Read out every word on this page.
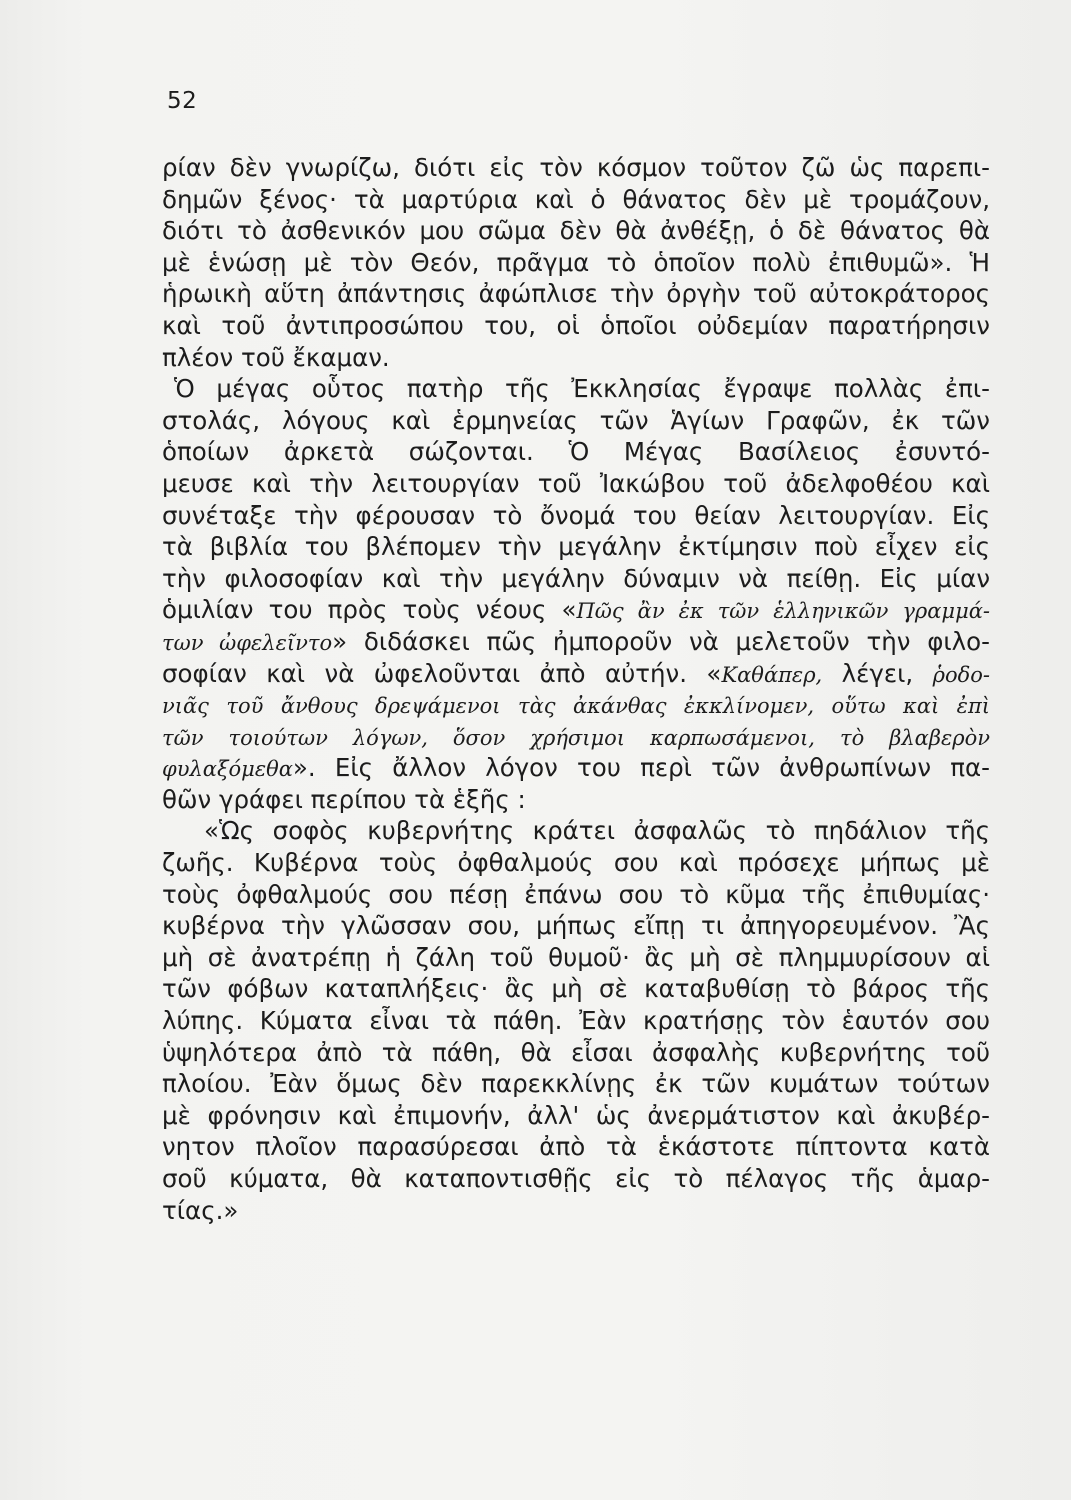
52
ρίαν δὲν γνωρίζω, διότι εἰς τὸν κόσμον τοῦτον ζῶ ὡς παρεπι-
δημῶν ξένος· τὰ μαρτύρια καὶ ὁ θάνατος δὲν μὲ τρομάζουν,
διότι τὸ ἀσθενικόν μου σῶμα δὲν θὰ ἀνθέξῃ, ὁ δὲ θάνατος θὰ
μὲ ἑνώσῃ μὲ τὸν Θεόν, πρᾶγμα τὸ ὁποῖον πολὺ ἐπιθυμῶ». Ἡ
ἡρωικὴ αὕτη ἀπάντησις ἀφώπλισε τὴν ὀργὴν τοῦ αὐτοκράτορος
καὶ τοῦ ἀντιπροσώπου του, οἱ ὁποῖοι οὐδεμίαν παρατήρησιν
πλέον τοῦ ἔκαμαν.
Ὁ μέγας οὗτος πατὴρ τῆς Ἐκκλησίας ἔγραψε πολλὰς ἐπι-
στολάς, λόγους καὶ ἑρμηνείας τῶν Ἁγίων Γραφῶν, ἐκ τῶν
ὁποίων ἀρκετὰ σώζονται. Ὁ Μέγας Βασίλειος ἐσυντό-
μευσε καὶ τὴν λειτουργίαν τοῦ Ἰακώβου τοῦ ἀδελφοθέου καὶ
συνέταξε τὴν φέρουσαν τὸ ὄνομά του θείαν λειτουργίαν. Εἰς
τὰ βιβλία του βλέπομεν τὴν μεγάλην ἐκτίμησιν ποὺ εἶχεν εἰς
τὴν φιλοσοφίαν καὶ τὴν μεγάλην δύναμιν νὰ πείθῃ. Εἰς μίαν
ὁμιλίαν του πρὸς τοὺς νέους «Πῶς ἂν ἐκ τῶν ἑλληνικῶν γραμμά-
των ὠφελεῖντο» διδάσκει πῶς ἠμποροῦν νὰ μελετοῦν τὴν φιλο-
σοφίαν καὶ νὰ ὠφελοῦνται ἀπὸ αὐτήν. «Καθάπερ, λέγει, ῥοδο-
νιᾶς τοῦ ἄνθους δρεψάμενοι τὰς ἀκάνθας ἐκκλίνομεν, οὕτω καὶ ἐπὶ
τῶν τοιούτων λόγων, ὅσον χρήσιμοι καρπωσάμενοι, τὸ βλαβερὸν
φυλαξόμεθα». Εἰς ἄλλον λόγον του περὶ τῶν ἀνθρωπίνων πα-
θῶν γράφει περίπου τὰ ἑξῆς :
«Ὡς σοφὸς κυβερνήτης κράτει ἀσφαλῶς τὸ πηδάλιον τῆς
ζωῆς. Κυβέρνα τοὺς ὀφθαλμούς σου καὶ πρόσεχε μήπως μὲ
τοὺς ὀφθαλμούς σου πέσῃ ἐπάνω σου τὸ κῦμα τῆς ἐπιθυμίας·
κυβέρνα τὴν γλῶσσαν σου, μήπως εἴπῃ τι ἀπηγορευμένον. Ἂς
μὴ σὲ ἀνατρέπῃ ἡ ζάλη τοῦ θυμοῦ· ἂς μὴ σὲ πλημμυρίσουν αἱ
τῶν φόβων καταπλήξεις· ἂς μὴ σὲ καταβυθίσῃ τὸ βάρος τῆς
λύπης. Κύματα εἶναι τὰ πάθη. Ἐὰν κρατήσῃς τὸν ἑαυτόν σου
ὑψηλότερα ἀπὸ τὰ πάθη, θὰ εἶσαι ἀσφαλὴς κυβερνήτης τοῦ
πλοίου. Ἐὰν ὅμως δὲν παρεκκλίνῃς ἐκ τῶν κυμάτων τούτων
μὲ φρόνησιν καὶ ἐπιμονήν, ἀλλ' ὡς ἀνερμάτιστον καὶ ἀκυβέρ-
νητον πλοῖον παρασύρεσαι ἀπὸ τὰ ἑκάστοτε πίπτοντα κατὰ
σοῦ κύματα, θὰ καταποντισθῇς εἰς τὸ πέλαγος τῆς ἁμαρ-
τίας.»
